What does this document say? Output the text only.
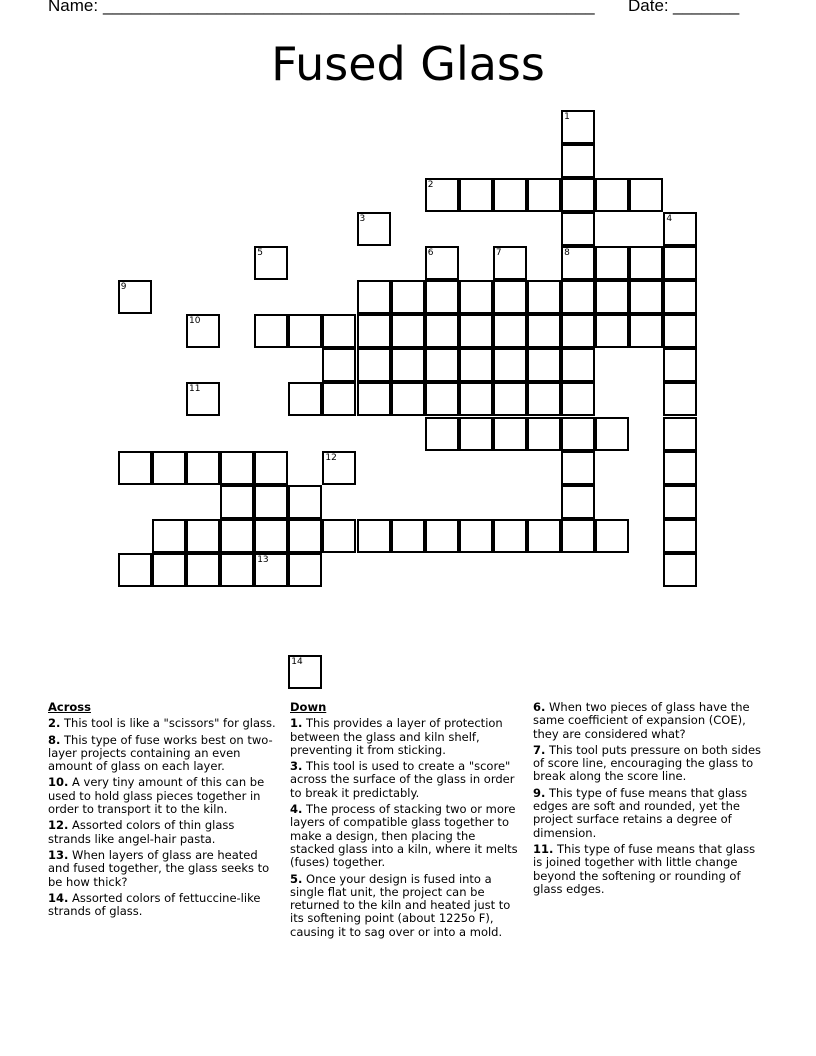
Name: ____________________________________________________ Date: _______
Fused Glass
1
8
2
4
13
3
5	6	7
9
10
11
12
14
Across
2. This tool is like a "scissors" for glass.
8. This type of fuse works best on two-layer projects containing an even amount of glass on each layer.
10. A very tiny amount of this can be used to hold glass pieces together in order to transport it to the kiln.
12. Assorted colors of thin glass strands like angel-hair pasta.
13. When layers of glass are heated and fused together, the glass seeks to be how thick?
14. Assorted colors of fettuccine-like strands of glass.
Down
1. This provides a layer of protection between the glass and kiln shelf, preventing it from sticking.
3. This tool is used to create a "score" across the surface of the glass in order to break it predictably.
4. The process of stacking two or more layers of compatible glass together to make a design, then placing the stacked glass into a kiln, where it melts (fuses) together.
5. Once your design is fused into a single flat unit, the project can be returned to the kiln and heated just to its softening point (about 1225o F), causing it to sag over or into a mold.
6. When two pieces of glass have the same coefficient of expansion (COE), they are considered what?
7. This tool puts pressure on both sides of score line, encouraging the glass to break along the score line.
9. This type of fuse means that glass edges are soft and rounded, yet the project surface retains a degree of dimension.
11. This type of fuse means that glass is joined together with little change beyond the softening or rounding of glass edges.
